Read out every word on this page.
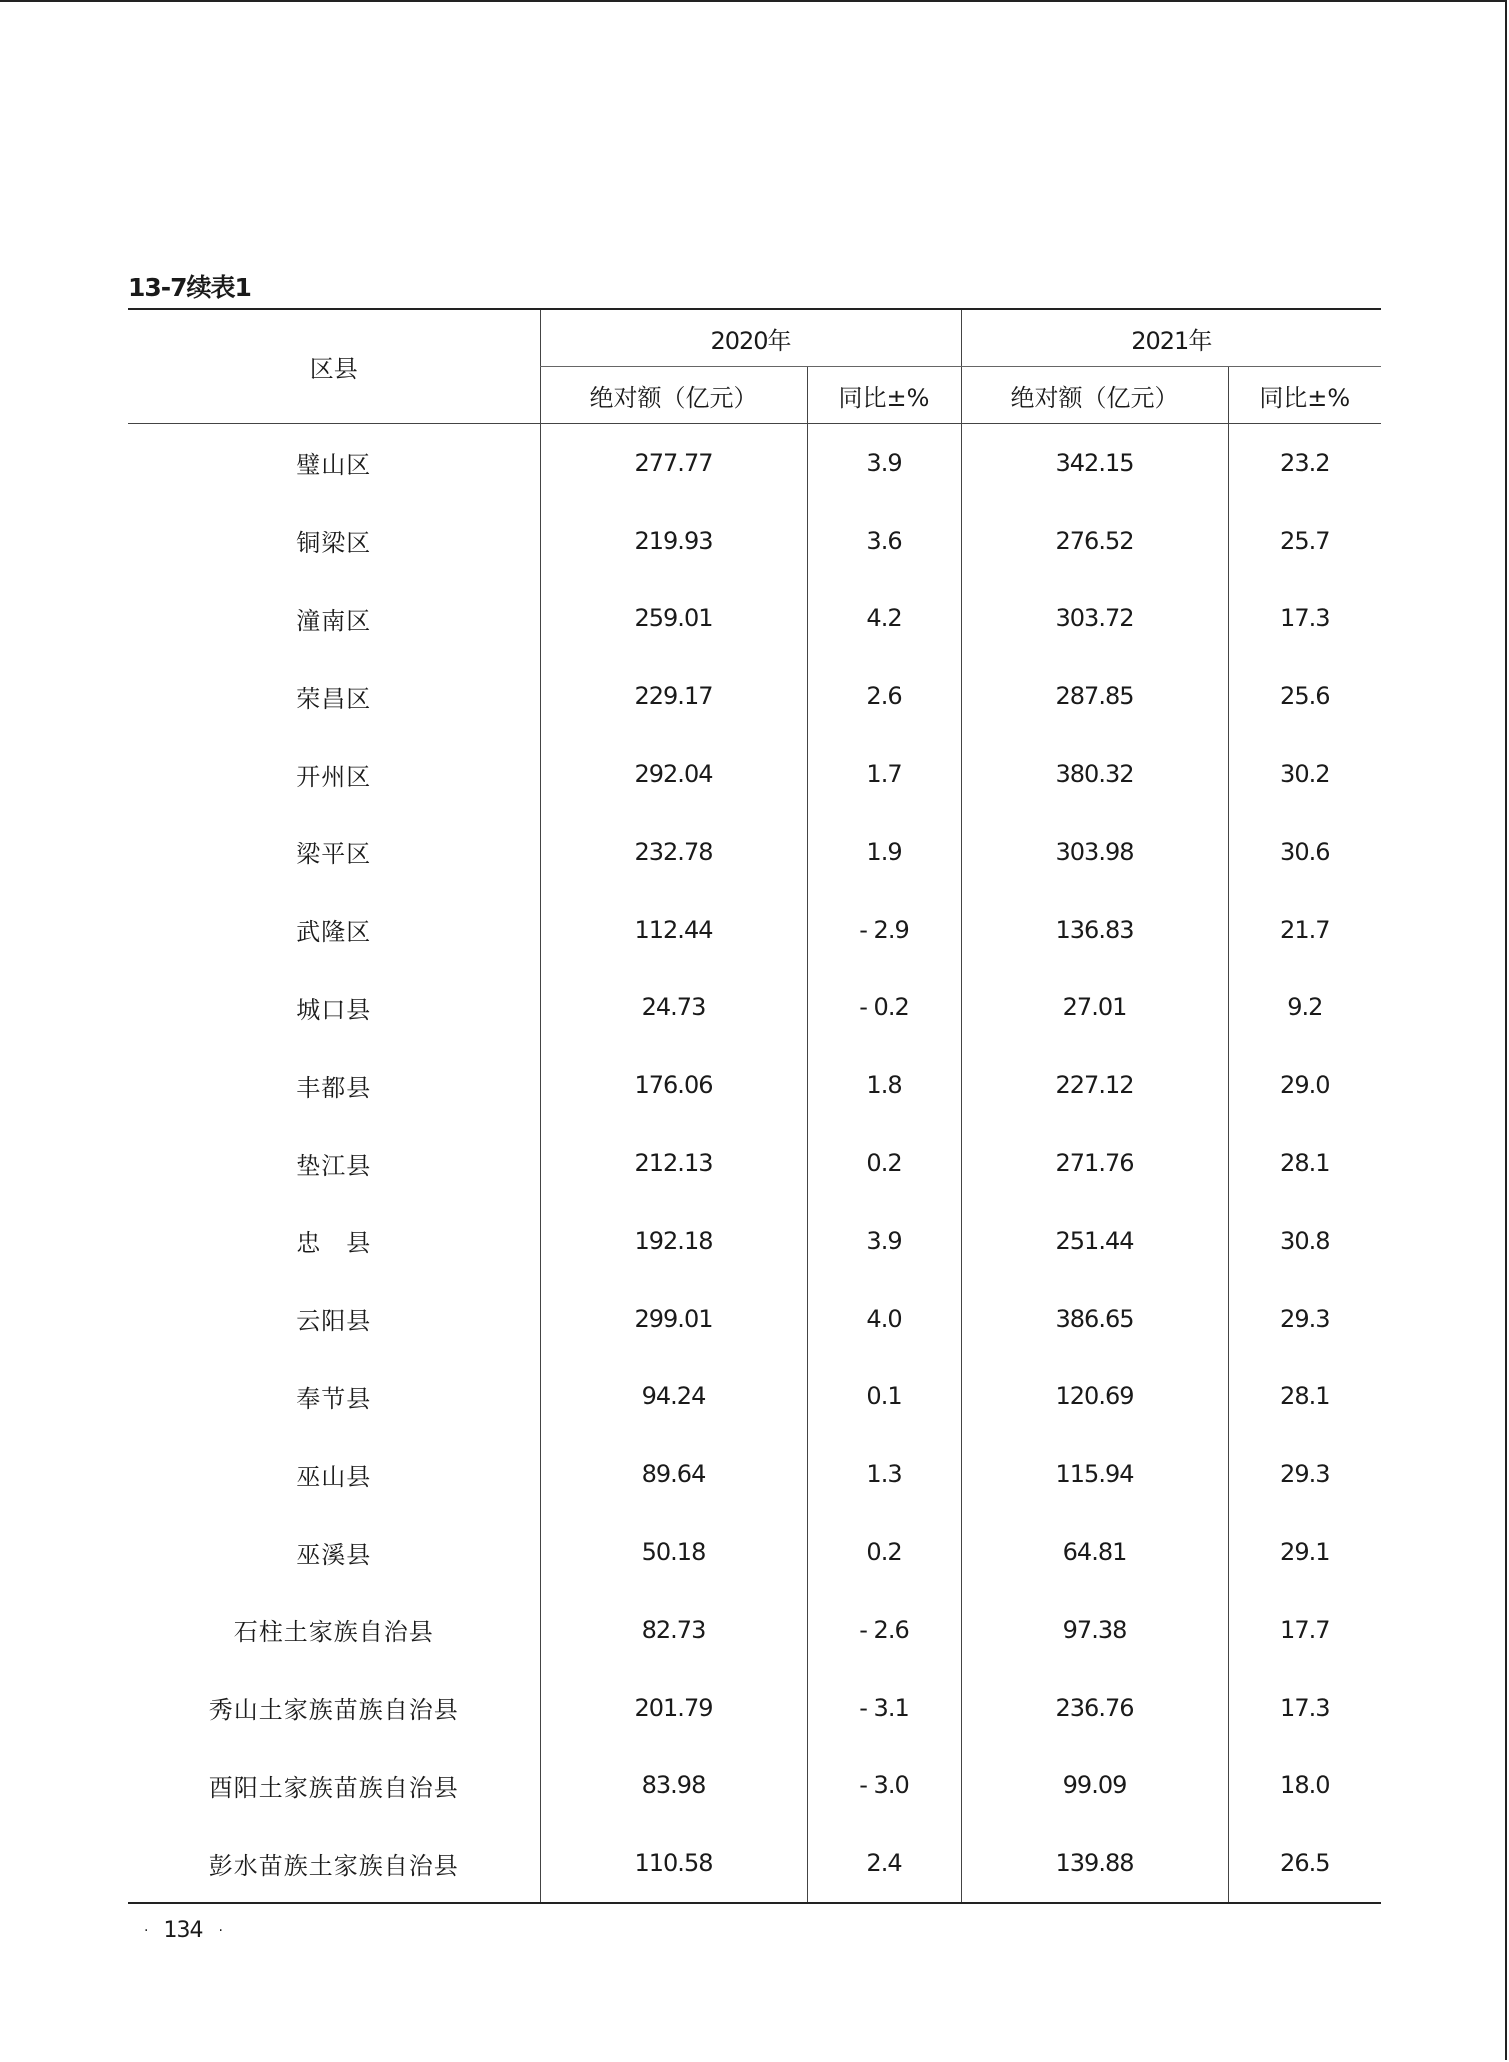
13-7续表1
区县	2020年		2021年	
	绝对额（亿元）	同比±%	绝对额（亿元）	同比±%
璧山区	277.77	3.9	342.15	23.2
铜梁区	219.93	3.6	276.52	25.7
潼南区	259.01	4.2	303.72	17.3
荣昌区	229.17	2.6	287.85	25.6
开州区	292.04	1.7	380.32	30.2
梁平区	232.78	1.9	303.98	30.6
武隆区	112.44	- 2.9	136.83	21.7
城口县	24.73	- 0.2	27.01	9.2
丰都县	176.06	1.8	227.12	29.0
垫江县	212.13	0.2	271.76	28.1
忠　县	192.18	3.9	251.44	30.8
云阳县	299.01	4.0	386.65	29.3
奉节县	94.24	0.1	120.69	28.1
巫山县	89.64	1.3	115.94	29.3
巫溪县	50.18	0.2	64.81	29.1
石柱土家族自治县	82.73	- 2.6	97.38	17.7
秀山土家族苗族自治县	201.79	- 3.1	236.76	17.3
酉阳土家族苗族自治县	83.98	- 3.0	99.09	18.0
彭水苗族土家族自治县	110.58	2.4	139.88	26.5
· 134 ·
